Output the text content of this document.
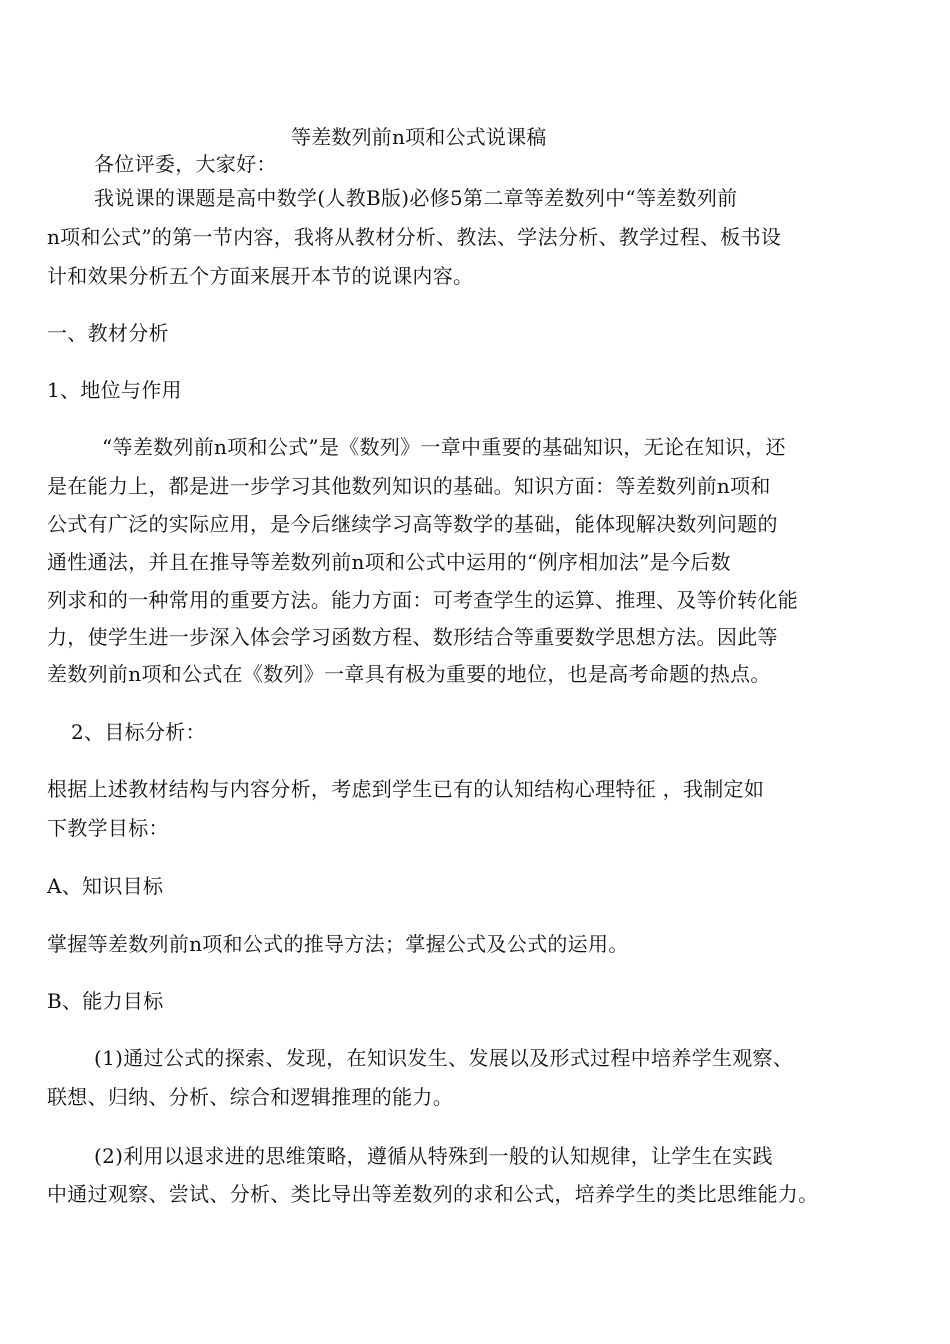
等差数列前n项和公式说课稿
各位评委，大家好：
我说课的课题是高中数学(人教B版)必修5第二章等差数列中“等差数列前
n项和公式”的第一节内容，我将从教材分析、教法、学法分析、教学过程、板书设
计和效果分析五个方面来展开本节的说课内容。
一、教材分析
1、地位与作用
“等差数列前n项和公式”是《数列》一章中重要的基础知识，无论在知识，还
是在能力上，都是进一步学习其他数列知识的基础。知识方面：等差数列前n项和
公式有广泛的实际应用，是今后继续学习高等数学的基础，能体现解决数列问题的
通性通法，并且在推导等差数列前n项和公式中运用的“例序相加法”是今后数
列求和的一种常用的重要方法。能力方面：可考查学生的运算、推理、及等价转化能
力，使学生进一步深入体会学习函数方程、数形结合等重要数学思想方法。因此等
差数列前n项和公式在《数列》一章具有极为重要的地位，也是高考命题的热点。
2、目标分析：
根据上述教材结构与内容分析，考虑到学生已有的认知结构心理特征 ，我制定如
下教学目标：
A、知识目标
掌握等差数列前n项和公式的推导方法；掌握公式及公式的运用。
B、能力目标
(1)通过公式的探索、发现，在知识发生、发展以及形式过程中培养学生观察、
联想、归纳、分析、综合和逻辑推理的能力。
(2)利用以退求进的思维策略，遵循从特殊到一般的认知规律，让学生在实践
中通过观察、尝试、分析、类比导出等差数列的求和公式，培养学生的类比思维能力。
